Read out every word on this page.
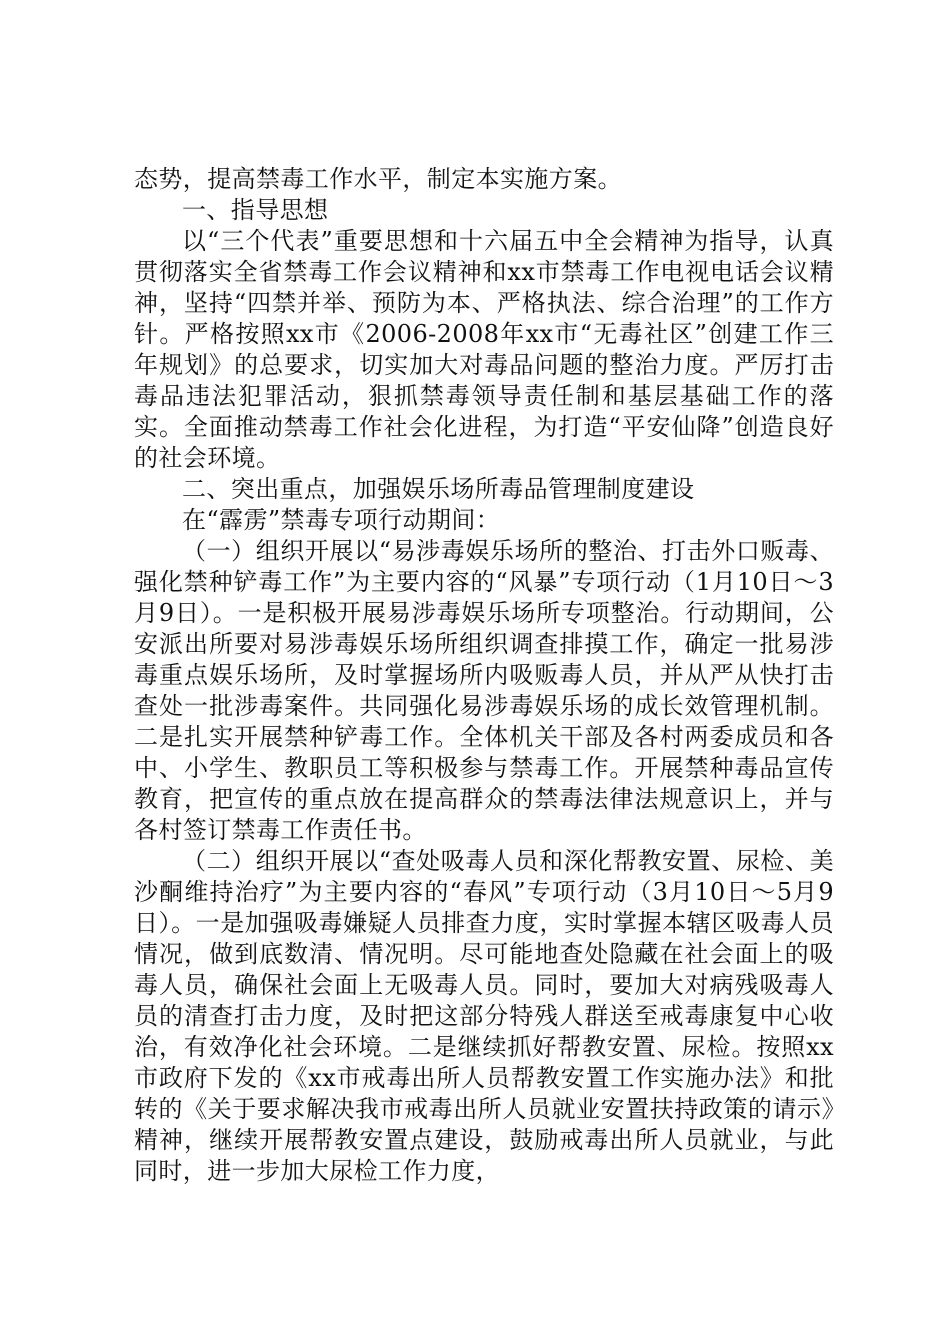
态势，提高禁毒工作水平，制定本实施方案。

一、指导思想

以“三个代表”重要思想和十六届五中全会精神为指导，认真贯彻落实全省禁毒工作会议精神和xx市禁毒工作电视电话会议精神，坚持“四禁并举、预防为本、严格执法、综合治理”的工作方针。严格按照xx市《2006-2008年xx市“无毒社区”创建工作三年规划》的总要求，切实加大对毒品问题的整治力度。严厉打击毒品违法犯罪活动，狠抓禁毒领导责任制和基层基础工作的落实。全面推动禁毒工作社会化进程，为打造“平安仙降”创造良好的社会环境。

二、突出重点，加强娱乐场所毒品管理制度建设

在“霹雳”禁毒专项行动期间：

（一）组织开展以“易涉毒娱乐场所的整治、打击外口贩毒、强化禁种铲毒工作”为主要内容的“风暴”专项行动（1月10日～3月9日）。一是积极开展易涉毒娱乐场所专项整治。行动期间，公安派出所要对易涉毒娱乐场所组织调查排摸工作，确定一批易涉毒重点娱乐场所，及时掌握场所内吸贩毒人员，并从严从快打击查处一批涉毒案件。共同强化易涉毒娱乐场的成长效管理机制。二是扎实开展禁种铲毒工作。全体机关干部及各村两委成员和各中、小学生、教职员工等积极参与禁毒工作。开展禁种毒品宣传教育，把宣传的重点放在提高群众的禁毒法律法规意识上，并与各村签订禁毒工作责任书。

（二）组织开展以“查处吸毒人员和深化帮教安置、尿检、美沙酮维持治疗”为主要内容的“春风”专项行动（3月10日～5月9日）。一是加强吸毒嫌疑人员排查力度，实时掌握本辖区吸毒人员情况，做到底数清、情况明。尽可能地查处隐藏在社会面上的吸毒人员，确保社会面上无吸毒人员。同时，要加大对病残吸毒人员的清查打击力度，及时把这部分特残人群送至戒毒康复中心收治，有效净化社会环境。二是继续抓好帮教安置、尿检。按照xx市政府下发的《xx市戒毒出所人员帮教安置工作实施办法》和批转的《关于要求解决我市戒毒出所人员就业安置扶持政策的请示》精神，继续开展帮教安置点建设，鼓励戒毒出所人员就业，与此同时，进一步加大尿检工作力度，
